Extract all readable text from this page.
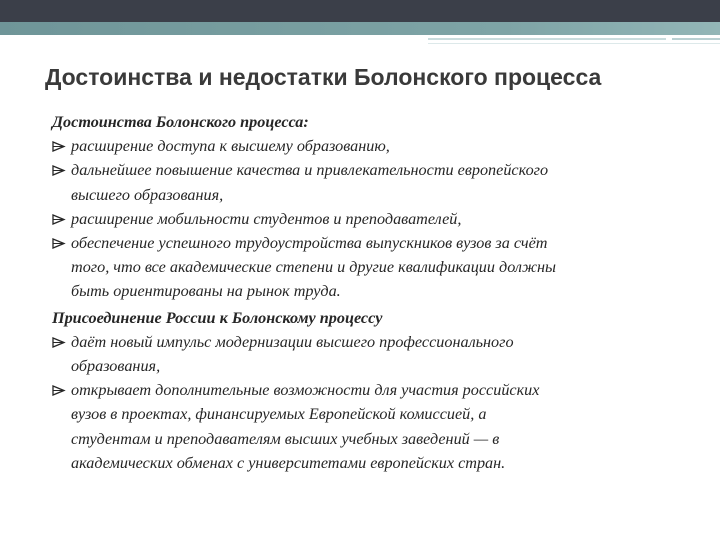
Достоинства и недостатки Болонского процесса
Достоинства Болонского процесса:
расширение доступа к высшему образованию,
дальнейшее повышение качества и привлекательности европейского
высшего образования,
расширение мобильности студентов и преподавателей,
обеспечение успешного трудоустройства выпускников вузов за счёт
того, что все академические степени и другие квалификации должны
быть ориентированы на рынок труда.
Присоединение России к Болонскому процессу
даёт новый импульс модернизации высшего профессионального
образования,
открывает дополнительные возможности для участия российских
вузов в проектах, финансируемых Европейской комиссией, а
студентам и преподавателям высших учебных заведений — в
академических обменах с университетами европейских стран.
